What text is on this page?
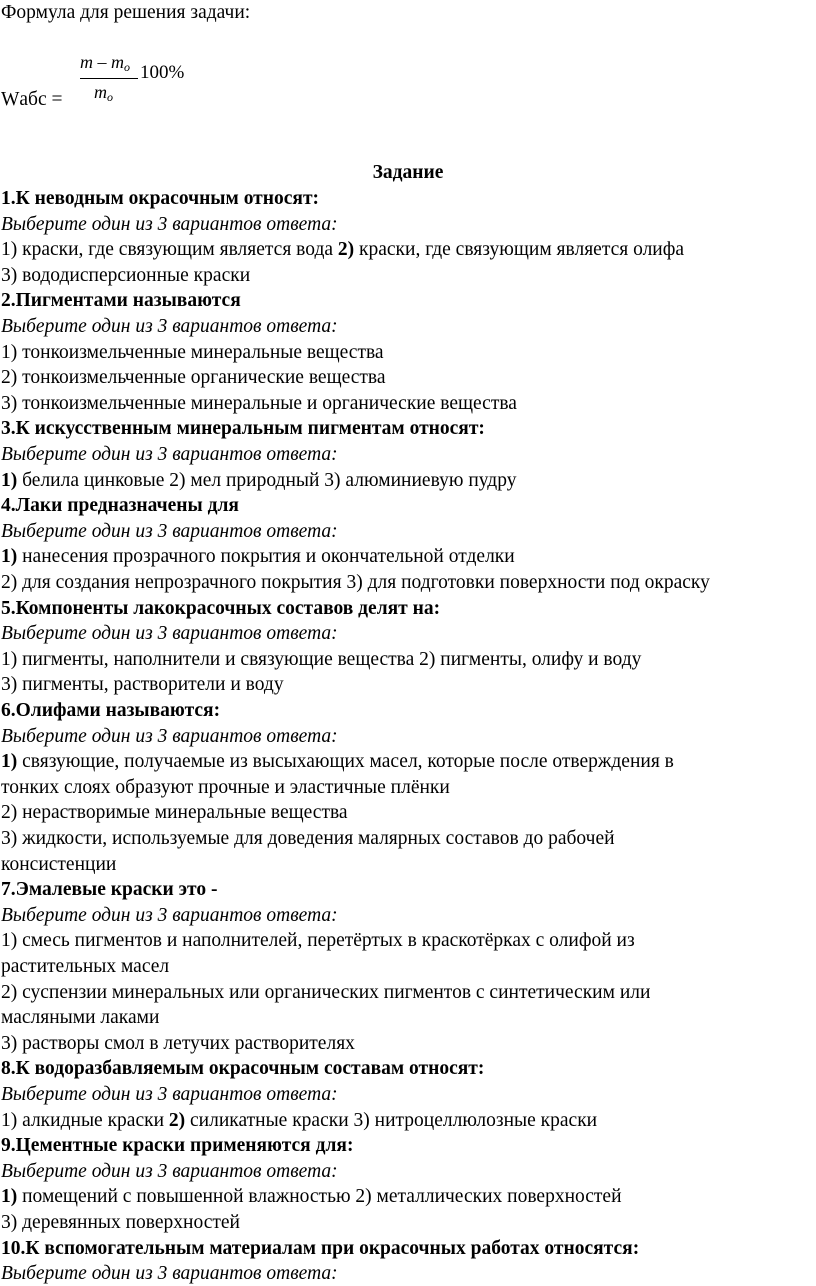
Формула для решения задачи:
Wабс =
m – $m_o$ 100%
$m_o$
Задание
1.К неводным окрасочным относят:
Выберите один из 3 вариантов ответа:
1) краски, где связующим является вода 2) краски, где связующим является олифа
3) вододисперсионные краски
2.Пигментами называются
Выберите один из 3 вариантов ответа:
1) тонкоизмельченные минеральные вещества
2) тонкоизмельченные органические вещества
3) тонкоизмельченные минеральные и органические вещества
3.К искусственным минеральным пигментам относят:
Выберите один из 3 вариантов ответа:
1) белила цинковые 2) мел природный 3) алюминиевую пудру
4.Лаки предназначены для
Выберите один из 3 вариантов ответа:
1) нанесения прозрачного покрытия и окончательной отделки
2) для создания непрозрачного покрытия 3) для подготовки поверхности под окраску
5.Компоненты лакокрасочных составов делят на:
Выберите один из 3 вариантов ответа:
1) пигменты, наполнители и связующие вещества 2) пигменты, олифу и воду
3) пигменты, растворители и воду
6.Олифами называются:
Выберите один из 3 вариантов ответа:
1) связующие, получаемые из высыхающих масел, которые после отверждения в
тонких слоях образуют прочные и эластичные плёнки
2) нерастворимые минеральные вещества
3) жидкости, используемые для доведения малярных составов до рабочей
консистенции
7.Эмалевые краски это -
Выберите один из 3 вариантов ответа:
1) смесь пигментов и наполнителей, перетёртых в краскотёрках с олифой из
растительных масел
2) суспензии минеральных или органических пигментов с синтетическим или
масляными лаками
3) растворы смол в летучих растворителях
8.К водоразбавляемым окрасочным составам относят:
Выберите один из 3 вариантов ответа:
1) алкидные краски 2) силикатные краски 3) нитроцеллюлозные краски
9.Цементные краски применяются для:
Выберите один из 3 вариантов ответа:
1) помещений с повышенной влажностью 2) металлических поверхностей
3) деревянных поверхностей
10.К вспомогательным материалам при окрасочных работах относятся:
Выберите один из 3 вариантов ответа:
